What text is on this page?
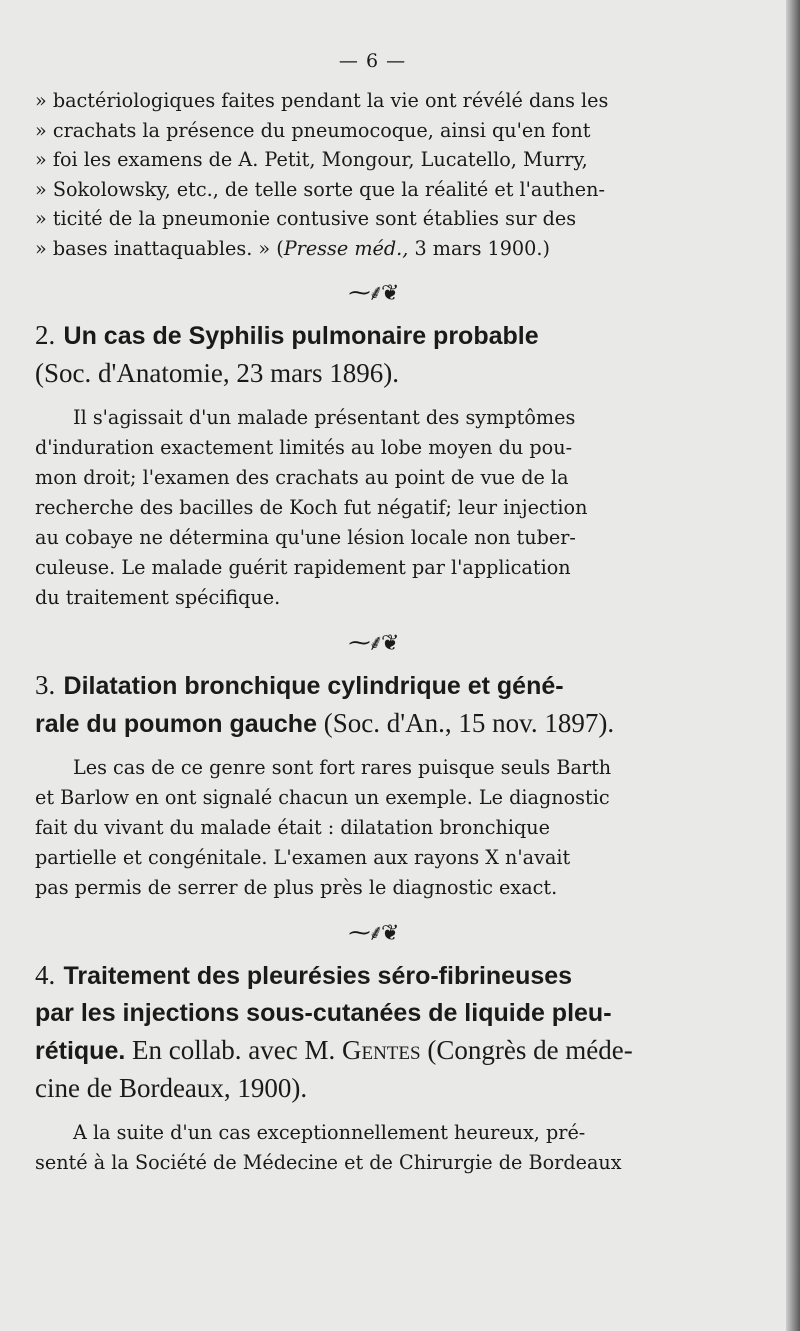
— 6 —

» bactériologiques faites pendant la vie ont révélé dans les

» crachats la présence du pneumocoque, ainsi qu'en font

» foi les examens de A. Petit, Mongour, Lucatello, Murry,

» Sokolowsky, etc., de telle sorte que la réalité et l'authen-

» ticité de la pneumonie contusive sont établies sur des

» bases inattaquables. » (Presse méd., 3 mars 1900.)

⁓⸙❦
2. Un cas de Syphilis pulmonaire probable
(Soc. d'Anatomie, 23 mars 1896).

Il s'agissait d'un malade présentant des symptômes

d'induration exactement limités au lobe moyen du pou-

mon droit; l'examen des crachats au point de vue de la

recherche des bacilles de Koch fut négatif; leur injection

au cobaye ne détermina qu'une lésion locale non tuber-

culeuse. Le malade guérit rapidement par l'application

du traitement spécifique.

⁓⸙❦
3. Dilatation bronchique cylindrique et géné-
rale du poumon gauche (Soc. d'An., 15 nov. 1897).

Les cas de ce genre sont fort rares puisque seuls Barth

et Barlow en ont signalé chacun un exemple. Le diagnostic

fait du vivant du malade était : dilatation bronchique

partielle et congénitale. L'examen aux rayons X n'avait

pas permis de serrer de plus près le diagnostic exact.

⁓⸙❦
4. Traitement des pleurésies séro-fibrineuses
par les injections sous-cutanées de liquide pleu-
rétique. En collab. avec M. Gentes (Congrès de méde-
cine de Bordeaux, 1900).

A la suite d'un cas exceptionnellement heureux, pré-

senté à la Société de Médecine et de Chirurgie de Bordeaux
